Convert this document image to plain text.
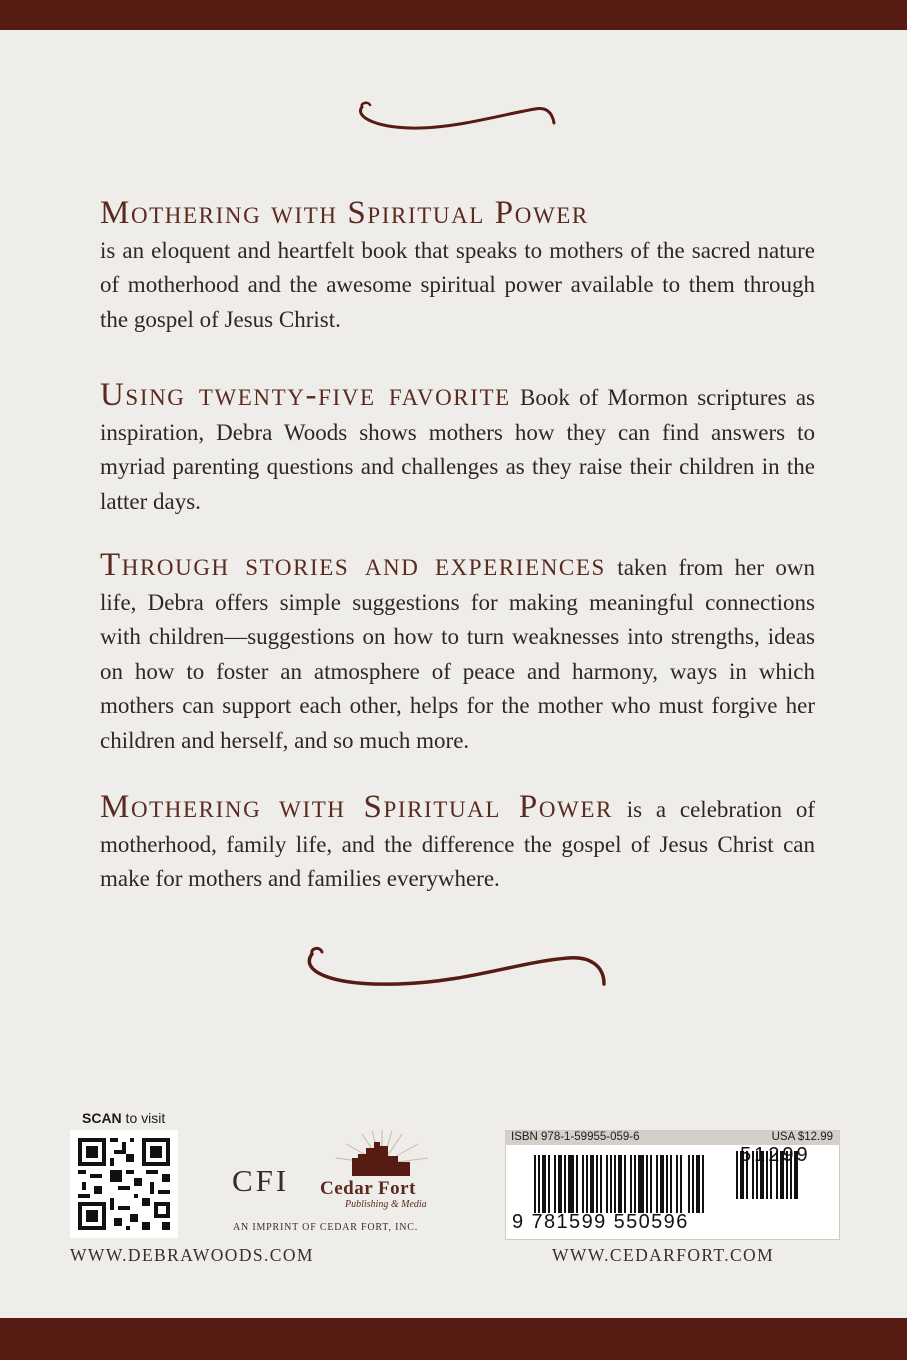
Mothering with Spiritual Power
is an eloquent and heartfelt book that speaks to mothers of the sacred nature of motherhood and the awesome spiritual power available to them through the gospel of Jesus Christ.
Using twenty-five favorite Book of Mormon scriptures as inspiration, Debra Woods shows mothers how they can find answers to myriad parenting questions and challenges as they raise their children in the latter days.
Through stories and experiences taken from her own life, Debra offers simple suggestions for making meaningful connections with children—suggestions on how to turn weaknesses into strengths, ideas on how to foster an atmosphere of peace and harmony, ways in which mothers can support each other, helps for the mother who must forgive her children and herself, and so much more.
Mothering with Spiritual Power is a celebration of motherhood, family life, and the difference the gospel of Jesus Christ can make for mothers and families everywhere.
SCAN to visit
WWW.DEBRAWOODS.COM
CFI Cedar Fort
Publishing & Media
AN IMPRINT OF CEDAR FORT, INC.
ISBN 978-1-59955-059-6	USA $12.99
51299
9 781599 550596
WWW.CEDARFORT.COM
